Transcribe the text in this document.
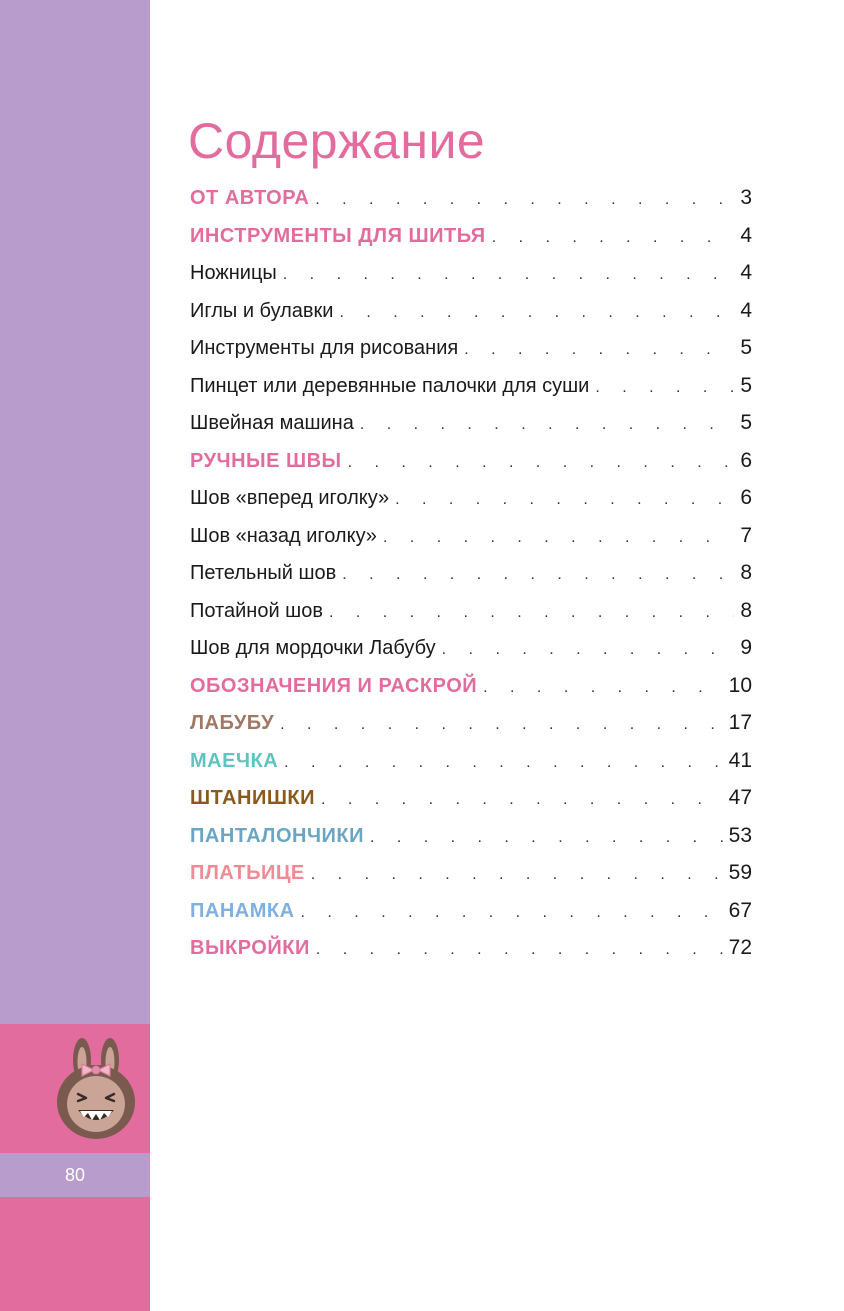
80
Содержание
ОТ АВТОРА . . .	3
ИНСТРУМЕНТЫ ДЛЯ ШИТЬЯ . . .	4
Ножницы . . .	4
Иглы и булавки . . .	4
Инструменты для рисования . . .	5
Пинцет или деревянные палочки для суши . . .	5
Швейная машина . . .	5
РУЧНЫЕ ШВЫ . . .	6
Шов «вперед иголку» . . .	6
Шов «назад иголку» . . .	7
Петельный шов . . .	8
Потайной шов . . .	8
Шов для мордочки Лабубу . . .	9
ОБОЗНАЧЕНИЯ И РАСКРОЙ . . .	10
ЛАБУБУ . . .	17
МАЕЧКА . . .	41
ШТАНИШКИ . . .	47
ПАНТАЛОНЧИКИ . . .	53
ПЛАТЬИЦЕ . . .	59
ПАНАМКА . . .	67
ВЫКРОЙКИ . . .	72
